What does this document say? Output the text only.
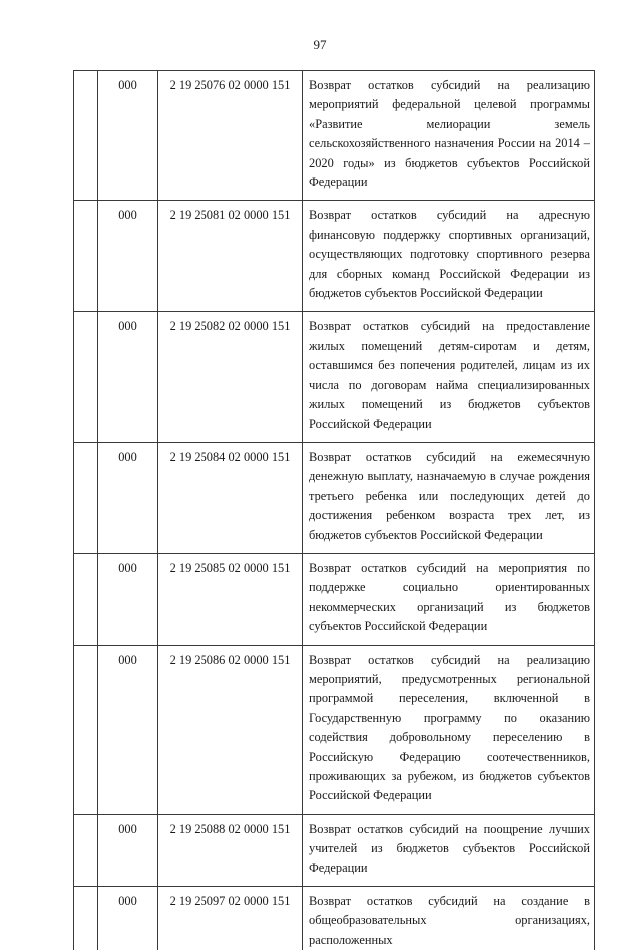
97
	000	2 19 25076 02 0000 151	Возврат остатков субсидий на реализацию мероприятий федеральной целевой программы «Развитие мелиорации земель сельскохозяйственного назначения России на 2014 – 2020 годы» из бюджетов субъектов Российской Федерации
	000	2 19 25081 02 0000 151	Возврат остатков субсидий на адресную финансовую поддержку спортивных организаций, осуществляющих подготовку спортивного резерва для сборных команд Российской Федерации из бюджетов субъектов Российской Федерации
	000	2 19 25082 02 0000 151	Возврат остатков субсидий на предоставление жилых помещений детям-сиротам и детям, оставшимся без попечения родителей, лицам из их числа по договорам найма специализированных жилых помещений из бюджетов субъектов Российской Федерации
	000	2 19 25084 02 0000 151	Возврат остатков субсидий на ежемесячную денежную выплату, назначаемую в случае рождения третьего ребенка или последующих детей до достижения ребенком возраста трех лет, из бюджетов субъектов Российской Федерации
	000	2 19 25085 02 0000 151	Возврат остатков субсидий на мероприятия по поддержке социально ориентированных некоммерческих организаций из бюджетов субъектов Российской Федерации
	000	2 19 25086 02 0000 151	Возврат остатков субсидий на реализацию мероприятий, предусмотренных региональной программой переселения, включенной в Государственную программу по оказанию содействия добровольному переселению в Российскую Федерацию соотечественников, проживающих за рубежом, из бюджетов субъектов Российской Федерации
	000	2 19 25088 02 0000 151	Возврат остатков субсидий на поощрение лучших учителей из бюджетов субъектов Российской Федерации
	000	2 19 25097 02 0000 151	Возврат остатков субсидий на создание в общеобразовательных организациях, расположенных
